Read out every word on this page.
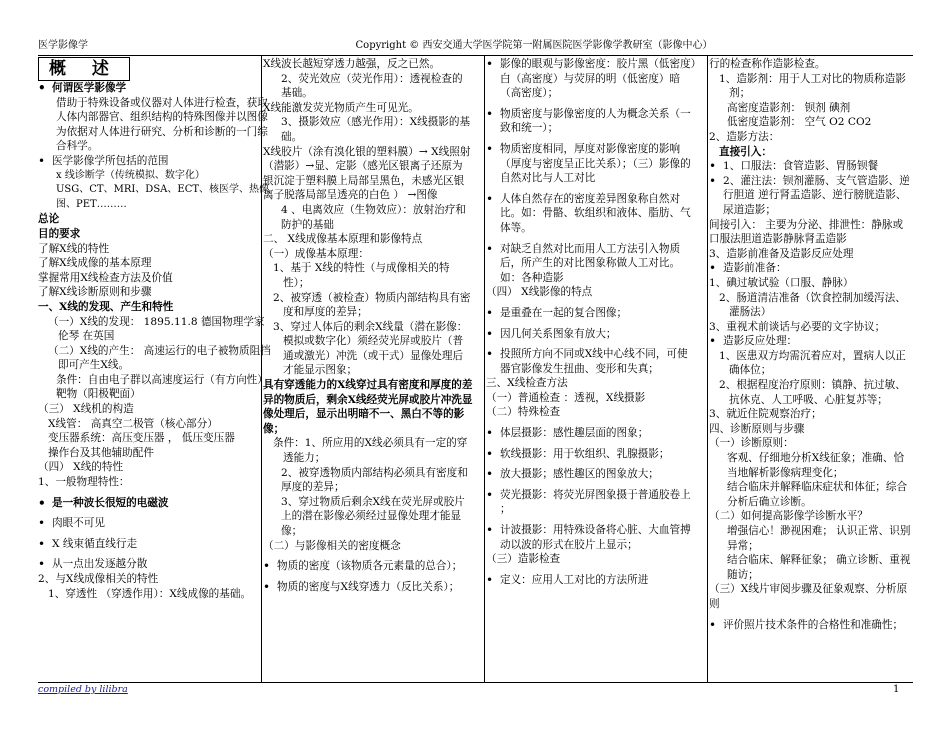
医学影像学	Copyright © 西安交通大学医学院第一附属医院医学影像学教研室（影像中心）
概 述
• 何谓医学影像学
借助于特殊设备或仪器对人体进行检查，获取人体内部器官、组织结构的特殊图像并以图像为依据对人体进行研究、分析和诊断的一门综合科学。
• 医学影像学所包括的范围
x 线诊断学（传统模拟、数字化）
USG、CT、MRI、DSA、ECT、核医学、热像图、PET………
总论
目的要求
了解X线的特性
了解X线成像的基本原理
掌握常用X线检查方法及价值
了解X线诊断原则和步骤
一、X线的发现、产生和特性
（一）X线的发现： 1895.11.8 德国物理学家 伦琴 在英国
（二）X线的产生： 高速运行的电子被物质阻挡即可产生X线。
条件：自由电子群以高速度运行（有方向性） 靶物（阳极靶面）
（三） X线机的构造
X线管： 高真空二极管（核心部分）
变压器系统：高压变压器 ， 低压变压器
操作台及其他辅助配件
（四） X线的特性
1、一般物理特性：
• 是一种波长很短的电磁波
• 肉眼不可见
• X 线束循直线行走
• 从一点出发逐越分散
2、与X线成像相关的特性
1、穿透性 （穿透作用）：X线成像的基础。
X线波长越短穿透力越强，反之已然。
2、荧光效应（荧光作用）：透视检查的基础。
X线能激发荧光物质产生可见光。
3、摄影效应（感光作用）：X线摄影的基础。
X线胶片（涂有溴化银的塑料膜）→ X线照射（潜影）→显、定影（感光区银离子还原为银沉淀于塑料膜上局部呈黑色，未感光区银离子脱落局部呈透亮的白色 ） →图像
4 、电离效应（生物效应）：放射治疗和防护的基础
二、 X线成像基本原理和影像特点
（一）成像基本原理：
1、基于 X线的特性（与成像相关的特性）；
2、被穿透（被检查）物质内部结构具有密度和厚度的差异；
3、穿过人体后的剩余X线量（潜在影像：模拟或数字化）须经荧光屏或胶片（普通或激光）冲洗（或干式）显像处理后才能显示图象；
具有穿透能力的X线穿过具有密度和厚度的差异的物质后，剩余X线经荧光屏或胶片冲洗显像处理后，显示出明暗不一、黑白不等的影像；
条件：1、所应用的X线必须具有一定的穿透能力；
2、被穿透物质内部结构必须具有密度和厚度的差异；
3、穿过物质后剩余X线在荧光屏或胶片上的潜在影像必须经过显像处理才能显像；
（二）与影像相关的密度概念
• 物质的密度（该物质各元素量的总合）；
• 物质的密度与X线穿透力（反比关系）；
• 影像的眼观与影像密度：胶片黑（低密度）白（高密度）与荧屏的明（低密度）暗（高密度）；
• 物质密度与影像密度的人为概念关系（一致和统一）；
• 物质密度相同，厚度对影像密度的影响（厚度与密度呈正比关系）；（三）影像的自然对比与人工对比
• 人体自然存在的密度差异图象称自然对比。如：骨骼、软组织和液体、脂肪、气体等。
• 对缺乏自然对比而用人工方法引入物质后，所产生的对比图象称做人工对比。如：各种造影
（四） X线影像的特点
• 是重叠在一起的复合图像；
• 因几何关系图象有放大；
• 投照所方向不同或X线中心线不同，可使器官影像发生扭曲、变形和失真；
三、X线检查方法
（一）普通检查 ：透视，X线摄影
（二）特殊检查
• 体层摄影：感性趣层面的图象；
• 软线摄影：用于软组织、乳腺摄影；
• 放大摄影；感性趣区的图象放大；
• 荧光摄影：将荧光屏图象摄于普通胶卷上 ；
• 计波摄影：用特殊设备将心脏、大血管搏动以波的形式在胶片上显示；
（三）造影检查
• 定义：应用人工对比的方法所进
行的检查称作造影检查。
1、造影剂：用于人工对比的物质称造影剂；
高密度造影剂： 钡剂 碘剂
低密度造影剂： 空气 O2 CO2
2、造影方法：
直接引入：
• 1、口服法：食管造影、胃肠钡餐
• 2、灌注法：钡剂灌肠、支气管造影、逆行胆道 逆行肾盂造影、逆行膀胱造影、尿道造影；
间接引入： 主要为分泌、排泄性：静脉或口服法胆道造影静脉肾盂造影
3、造影前准备及造影反应处理
• 造影前准备：
1、碘过敏试验（口服、静脉）
2、肠道清洁准备（饮食控制加缓泻法、灌肠法）
3、重视术前谈话与必要的文字协议；
• 造影反应处理：
1、医患双方均需沉着应对，置病人以正确体位；
2、根据程度治疗原则：镇静、抗过敏、抗休克、人工呼吸、心脏复苏等；
3、就近住院观察治疗；
四、诊断原则与步骤
（一）诊断原则：
客观、仔细地分析X线征象；准确、恰当地解析影像病理变化；
结合临床并解释临床症状和体征；综合分析后确立诊断。
（二）如何提高影像学诊断水平？
增强信心！渺视困难； 认识正常、识别异常；
结合临床、解释征象； 确立诊断、重视随访；
（三）X线片审阅步骤及征象观察、分析原则
• 评价照片技术条件的合格性和准确性；
compiled by lilibra	1
